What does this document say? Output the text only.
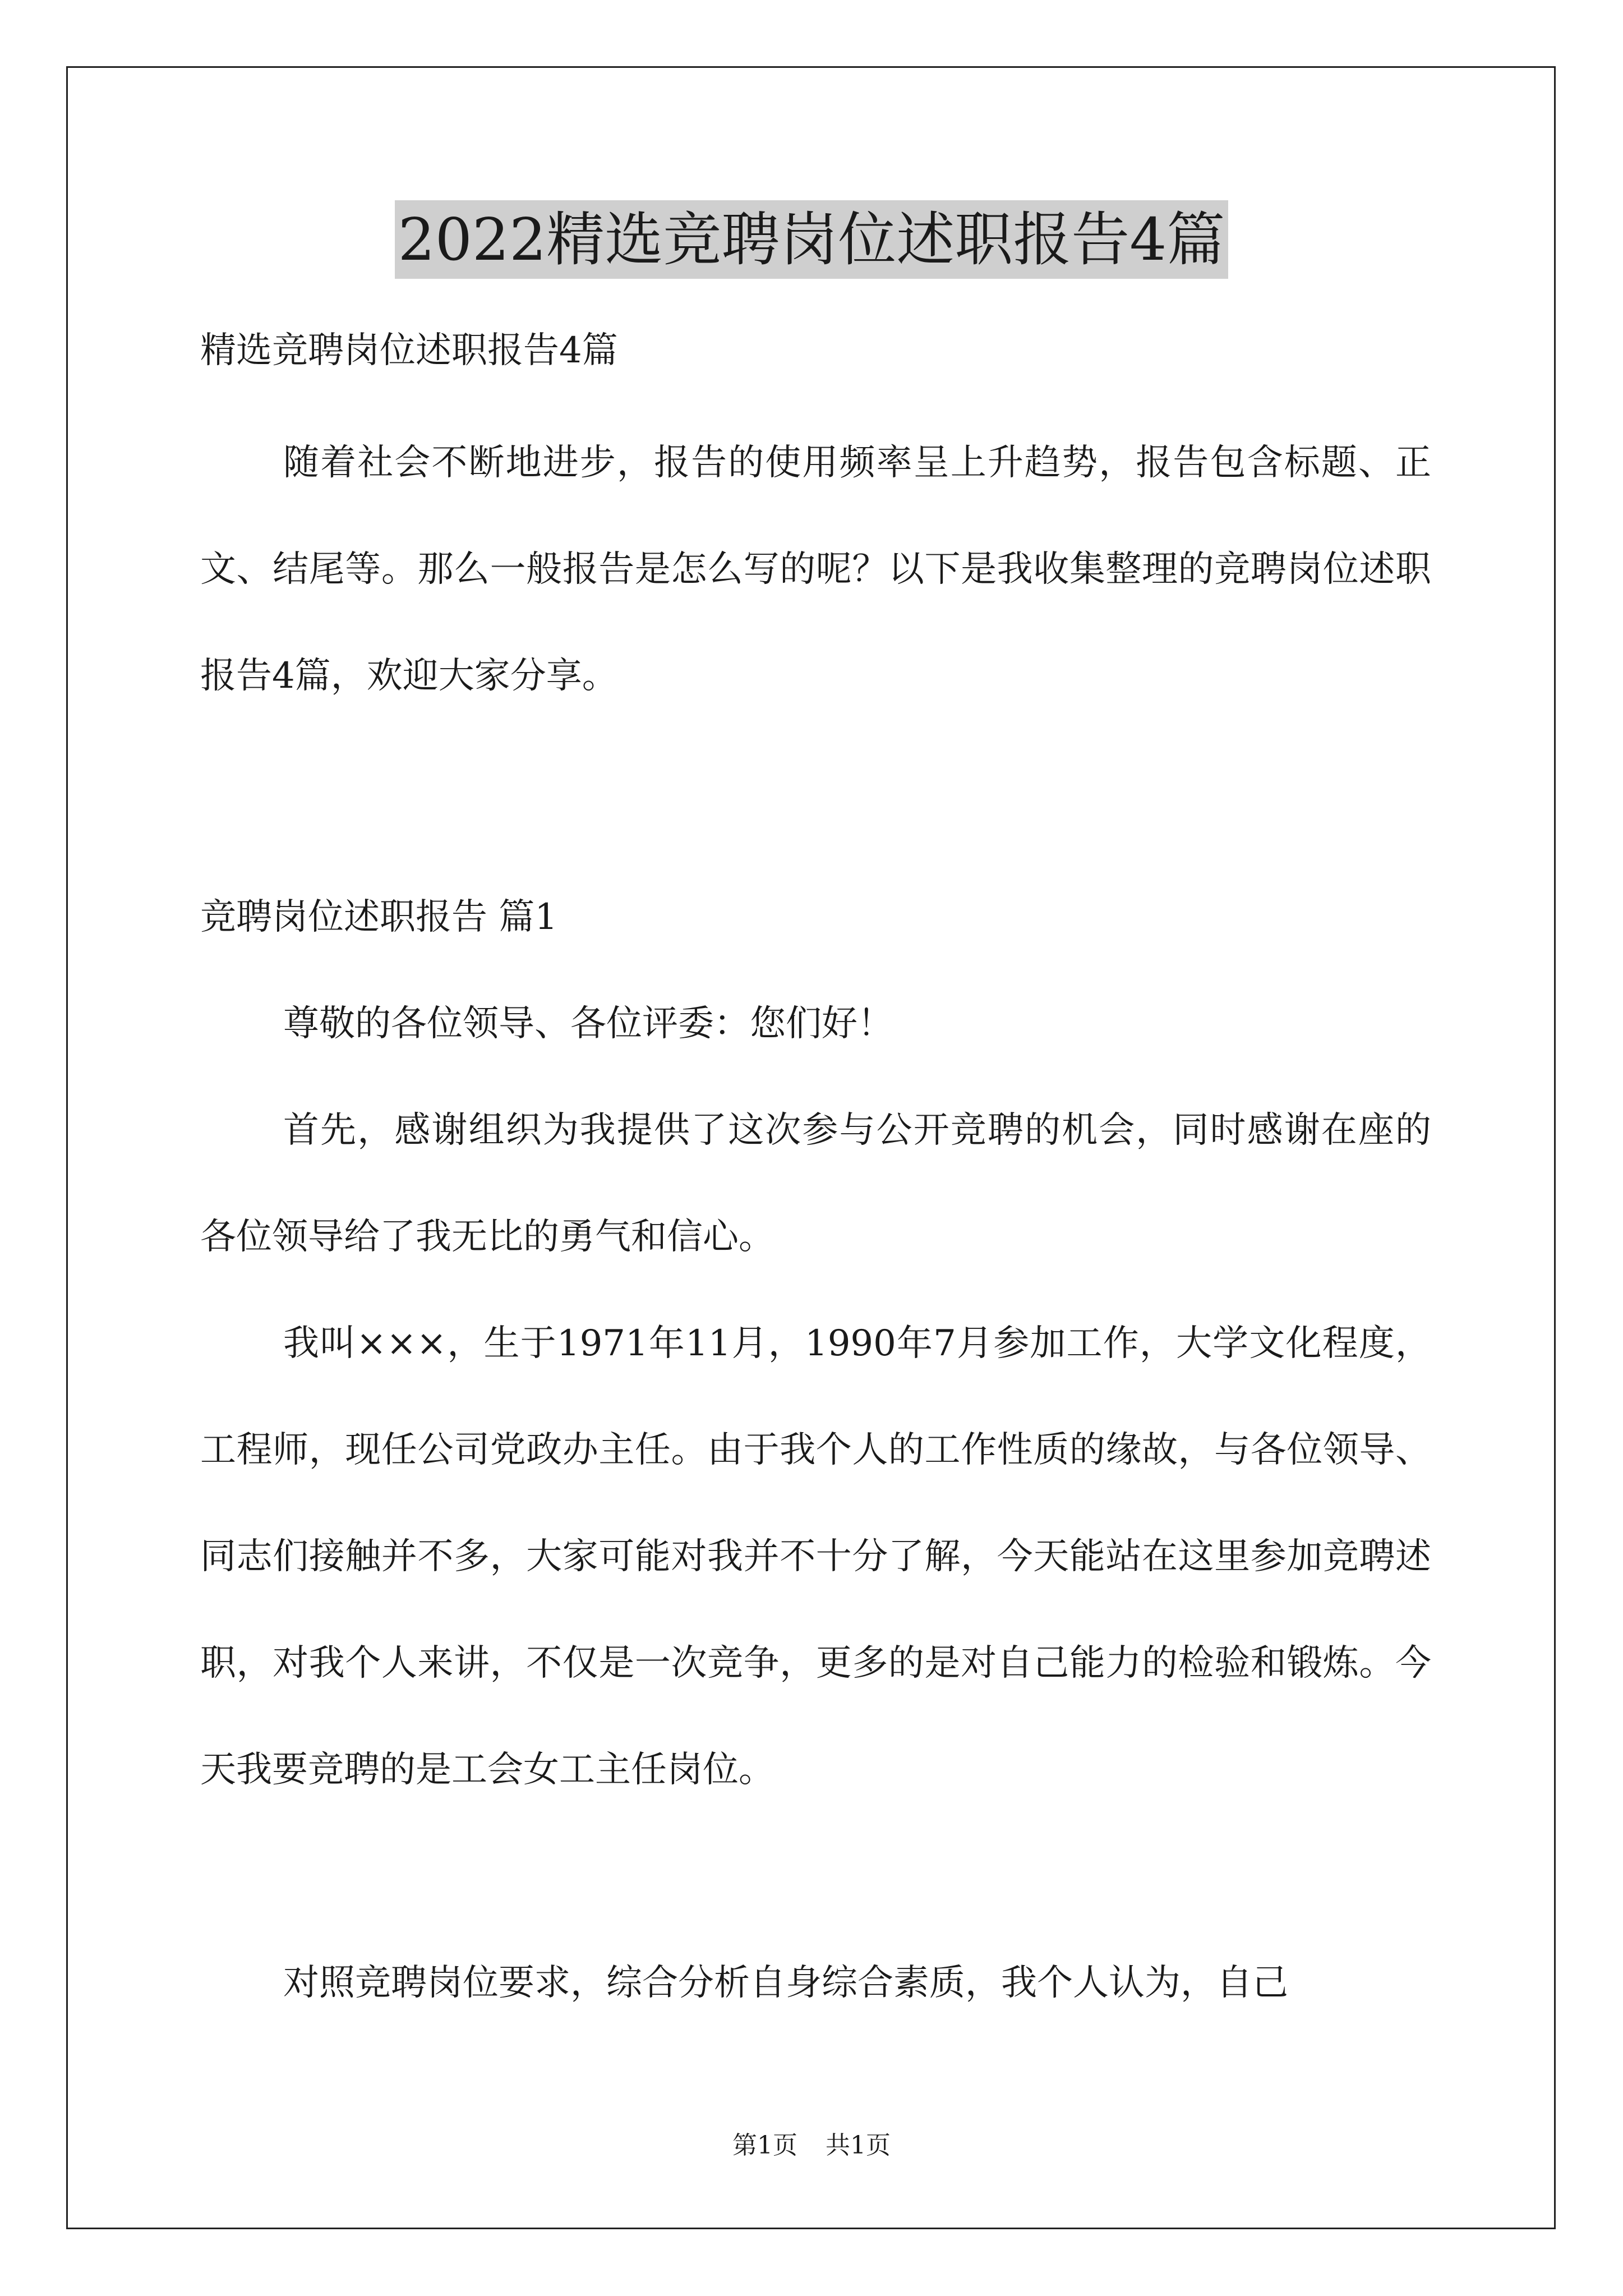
2022精选竞聘岗位述职报告4篇

精选竞聘岗位述职报告4篇

随着社会不断地进步，报告的使用频率呈上升趋势，报告包含标题、正文、结尾等。那么一般报告是怎么写的呢？以下是我收集整理的竞聘岗位述职报告4篇，欢迎大家分享。

竞聘岗位述职报告 篇1

尊敬的各位领导、各位评委：您们好！

首先，感谢组织为我提供了这次参与公开竞聘的机会，同时感谢在座的各位领导给了我无比的勇气和信心。

我叫×××，生于1971年11月，1990年7月参加工作，大学文化程度，工程师，现任公司党政办主任。由于我个人的工作性质的缘故，与各位领导、同志们接触并不多，大家可能对我并不十分了解，今天能站在这里参加竞聘述职，对我个人来讲，不仅是一次竞争，更多的是对自己能力的检验和锻炼。今天我要竞聘的是工会女工主任岗位。

对照竞聘岗位要求，综合分析自身综合素质，我个人认为，自己

第1页 共1页
